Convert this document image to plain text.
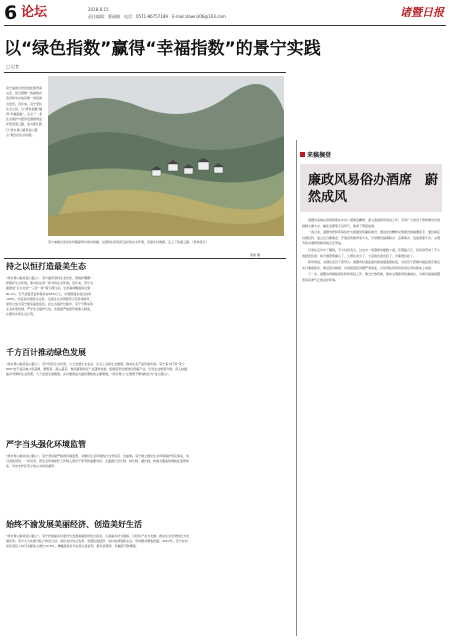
6 论坛	2018.8.15
责任编辑：曹丽梅　电话：0571-86757189　E-mail:dawn306@163.com	诸暨日报
以“绿色指数”赢得“幸福指数”的景宁实践
□ 记者
景宁畲族自治县地处浙西南山区，是全国唯一的畲族自治县和华东地区唯一的民族自治县。近年来，景宁坚持生态立县，以“绿色指数”赢得“幸福指数”，走出了一条生态保护与经济发展相得益彰的发展之路，成为浙江践行“绿水青山就是金山银山”理念的生动实践。
景宁畲族自治县东坑镇深垟村风光如画，这里的村民依托良好的生态环境，发展乡村旅游，走上了致富之路。（资料照片）
蔡建 摄
持之以恒打造最美生态
“绿水青山就是金山银山”。景宁始终坚持生态优先，像保护眼睛一样保护生态环境，像对待生命一样对待生态环境。近年来，景宁全面推进“五水共治”“三改一拆”等专项行动，全县森林覆盖率达到81.1%，空气质量优良率保持在95%以上，出境断面水质达标率100%，先后获评国家生态县、全国生态文明建设示范县等称号，绿色已成为景宁最亮丽的底色。在生态保护过程中，景宁不断完善生态补偿机制，严守生态保护红线，实施最严格的环境准入制度，让群众共享生态红利。
千方百计推动绿色发展
“绿水青山就是金山银山”。景宁依托生态优势，大力发展生态农业、生态工业和生态旅游，推动生态产品价值实现。景宁着力打造“景宁600”农产品区域公用品牌，惠明茶、高山蔬菜、食用菌等特色产业蓬勃发展；积极培育发展绿色低碳产业，引导企业转型升级；深入挖掘畲乡风情和生态资源，大力发展全域旅游，乡村旅游成为富民增收的主要渠道，“绿水青山”正源源不断地转化为“金山银山”。
严字当头强化环境监管
“绿水青山就是金山银山”。景宁坚持最严格的环境监管，对破坏生态环境的行为零容忍、出重拳。景宁建立健全生态环境保护责任体系，实行党政同责、一岗双责，把生态环境保护工作纳入领导干部考核重要内容；全面推行河长制、林长制、湖长制，构建全覆盖的网格化监管体系，切实守护好景宁的山水林田湖草。
始终不渝发展美丽经济、创造美好生活
“绿水青山就是金山银山”。景宁把美丽乡村建设与发展美丽经济结合起来，以美丽乡村为载体，以特色产业为支撑，推动生态优势转化为发展优势。景宁大力实施“两山”转化行动，深化农村综合改革，发展民宿经济、农村电商等新业态，带动群众增收致富。2017年，景宁农村常住居民人均可支配收入增长10.5%，增幅连续多年位居全省前列，群众获得感、幸福感不断增强。
来稿摘登
廉政风易俗办酒席　蔚然成风

诸暨市各地认真贯彻落实中央八项规定精神，深入推进移风易俗工作，引导广大党员干部和群众自觉抵制大操大办、铺张浪费等不良风气，取得了明显成效。

一直以来，诸暨市把移风易俗作为加强党风廉政建设、推进农村精神文明建设的重要抓手，通过制定村规民约、成立红白理事会、开展宣传教育等方式，引导群众婚事新办、丧事简办、其他喜事不办，文明节俭办酒席的新风尚正在形成。

记者在走访中了解到，不少村民表示，过去办一场酒席动辄数十桌，花费数万元，给家庭带来了不小的经济负担；如今酒席规模小了，人情往来少了，大家的负担也轻了，办事更轻松了。

移风易俗，关键在党员干部带头。诸暨市纪委监委持续加强监督检查，对党员干部操办婚丧喜庆事宜实行事前报告、事后报告制度，对违规违纪问题严肃查处，以党风政风带动民风社风持续向上向善。

下一步，诸暨市将继续深化移风易俗工作，健全长效机制，推动文明新风吹遍城乡，为建设美丽诸暨营造风清气正的良好环境。
